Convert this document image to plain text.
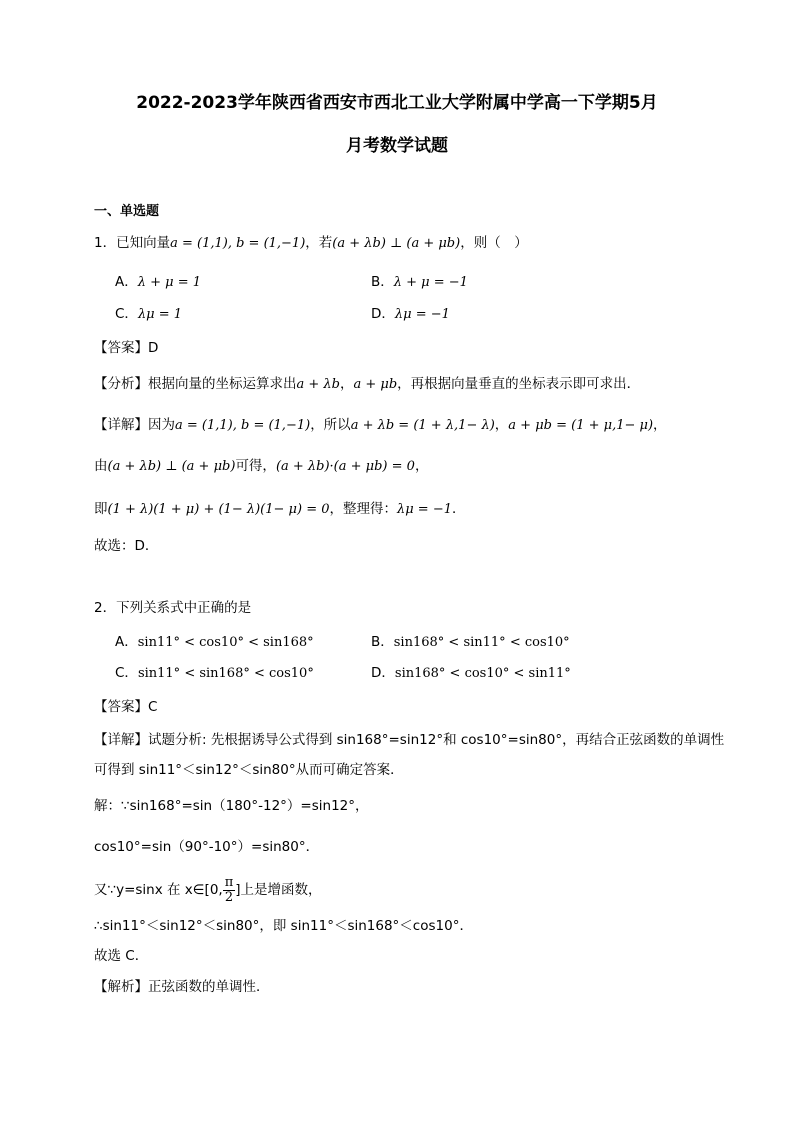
2022-2023学年陕西省西安市西北工业大学附属中学高一下学期5月
月考数学试题
一、单选题
1．已知向量a = (1,1), b = (1,−1)，若(a + λb) ⊥ (a + μb)，则（　）
A．λ + μ = 1	B．λ + μ = −1
C．λμ = 1	D．λμ = −1
【答案】D
【分析】根据向量的坐标运算求出a + λb，a + μb，再根据向量垂直的坐标表示即可求出．
【详解】因为a = (1,1), b = (1,−1)，所以a + λb = (1 + λ,1− λ)，a + μb = (1 + μ,1− μ)，
由(a + λb) ⊥ (a + μb)可得，(a + λb)·(a + μb) = 0，
即(1 + λ)(1 + μ) + (1− λ)(1− μ) = 0，整理得：λμ = −1．
故选：D．
2．下列关系式中正确的是
A．sin11° < cos10° < sin168°	B．sin168° < sin11° < cos10°
C．sin11° < sin168° < cos10°	D．sin168° < cos10° < sin11°
【答案】C
【详解】试题分析: 先根据诱导公式得到 sin168°=sin12°和 cos10°=sin80°，再结合正弦函数的单调性
可得到 sin11°＜sin12°＜sin80°从而可确定答案．
解：∵sin168°=sin（180°-12°）=sin12°，
cos10°=sin（90°-10°）=sin80°．
又∵y=sinx 在 x∈[0, $\frac{\pi}{2}$ ]上是增函数，
∴sin11°＜sin12°＜sin80°，即 sin11°＜sin168°＜cos10°．
故选 C．
【解析】正弦函数的单调性．
